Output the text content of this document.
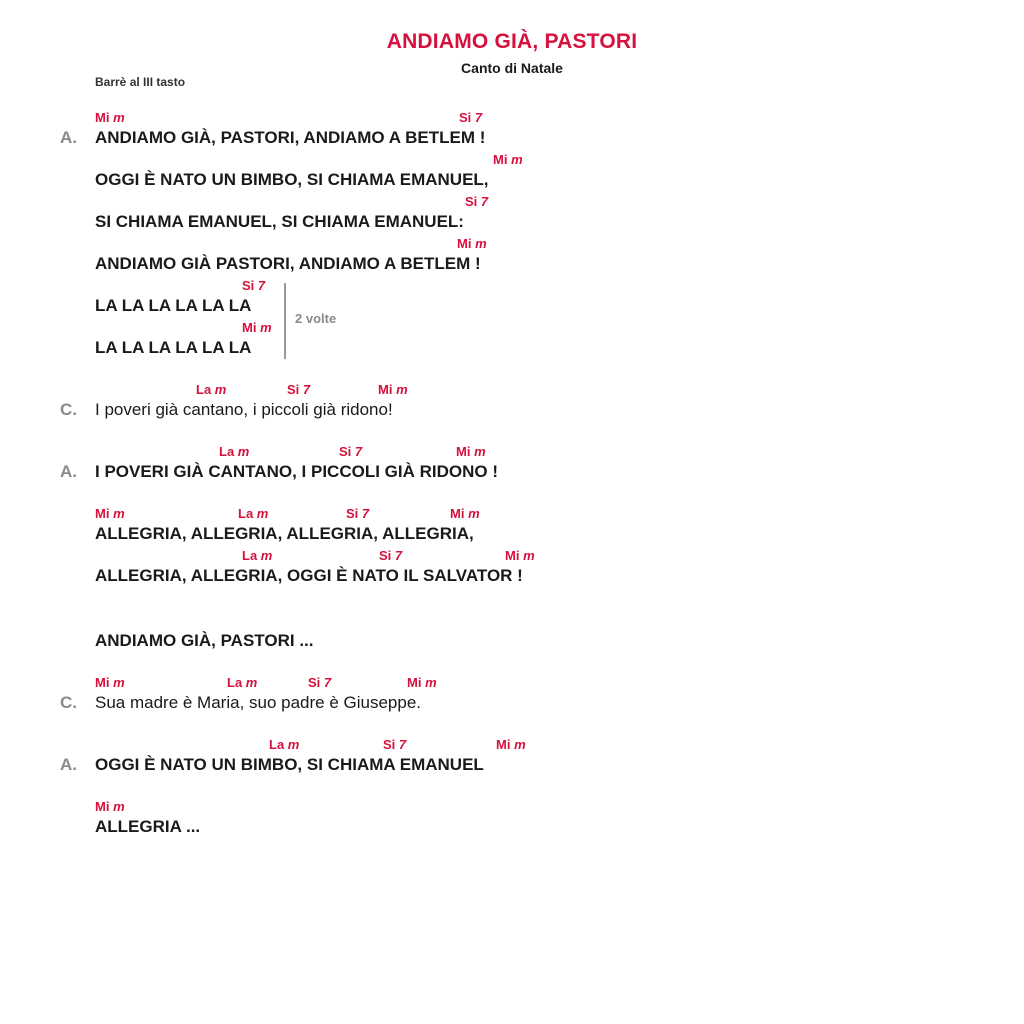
ANDIAMO GIÀ, PASTORI
Canto di Natale
Barrè al III tasto
A.
Mi m	Si 7
ANDIAMO GIÀ, PASTORI, ANDIAMO A BETLEM !
Mi m
OGGI È NATO UN BIMBO, SI CHIAMA EMANUEL,
Si 7
SI CHIAMA EMANUEL, SI CHIAMA EMANUEL:
Mi m
ANDIAMO GIÀ PASTORI, ANDIAMO A BETLEM !
Si 7
LA LA LA LA LA LA
Mi m
LA LA LA LA LA LA
2 volte
C.
La m	Si 7	Mi m
I poveri già cantano, i piccoli già ridono!
A.
La m	Si 7	Mi m
I POVERI GIÀ CANTANO, I PICCOLI GIÀ RIDONO !
Mi m	La m	Si 7	Mi m
ALLEGRIA, ALLEGRIA, ALLEGRIA, ALLEGRIA,
La m	Si 7	Mi m
ALLEGRIA, ALLEGRIA, OGGI È NATO IL SALVATOR !
ANDIAMO GIÀ, PASTORI ...
C.
Mi m	La m	Si 7	Mi m
Sua madre è Maria, suo padre è Giuseppe.
A.
La m	Si 7	Mi m
OGGI È NATO UN BIMBO, SI CHIAMA EMANUEL
Mi m
ALLEGRIA ...
